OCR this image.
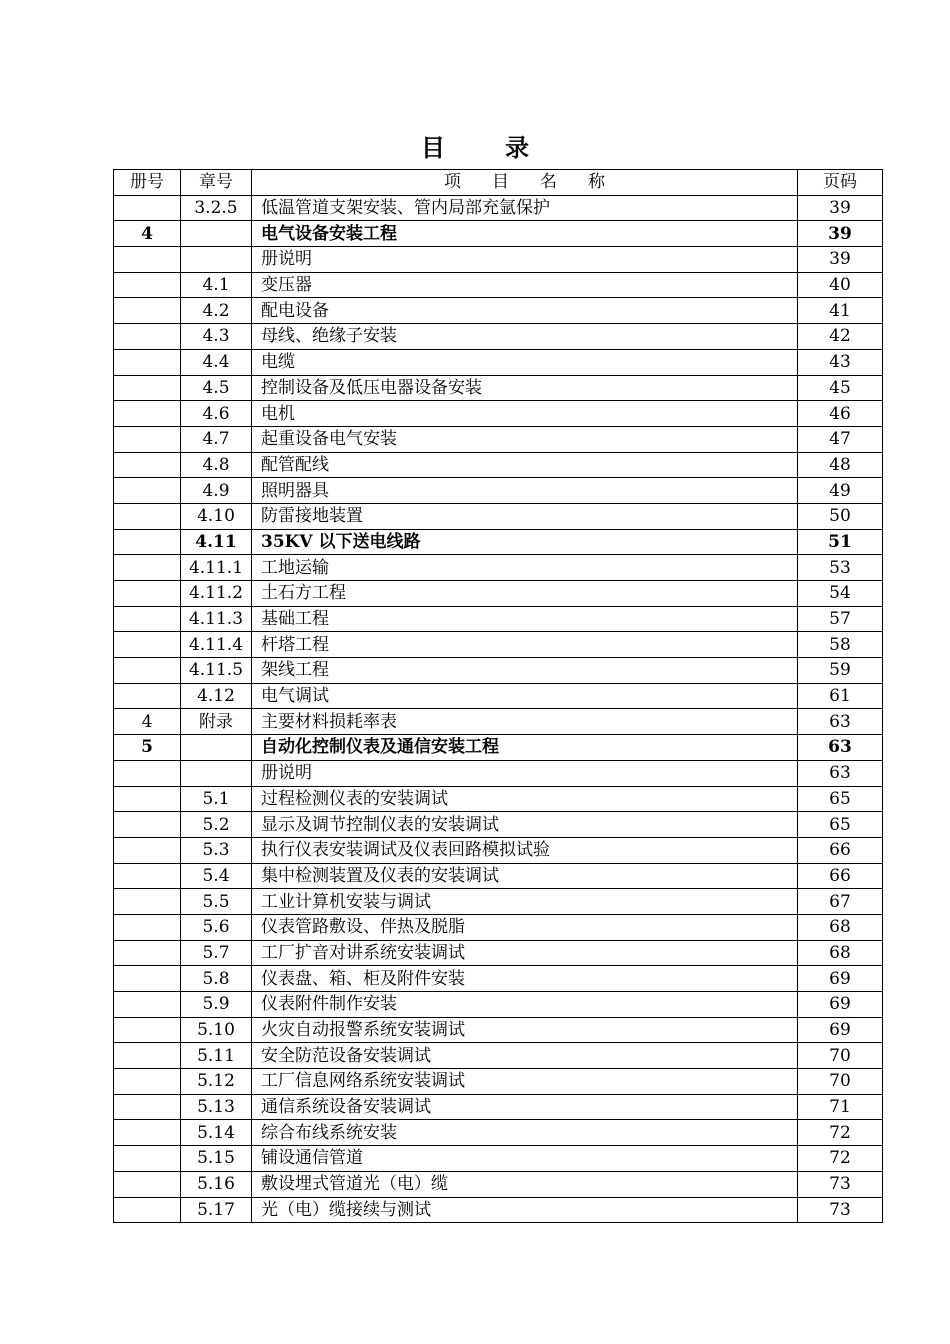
目	录
册号	章号	项 目 名 称	页码
	3.2.5	低温管道支架安装、管内局部充氩保护	39
4		电气设备安装工程	39
		册说明	39
	4.1	变压器	40
	4.2	配电设备	41
	4.3	母线、绝缘子安装	42
	4.4	电缆	43
	4.5	控制设备及低压电器设备安装	45
	4.6	电机	46
	4.7	起重设备电气安装	47
	4.8	配管配线	48
	4.9	照明器具	49
	4.10	防雷接地装置	50
	4.11	35KV 以下送电线路	51
	4.11.1	工地运输	53
	4.11.2	土石方工程	54
	4.11.3	基础工程	57
	4.11.4	杆塔工程	58
	4.11.5	架线工程	59
	4.12	电气调试	61
4	附录	主要材料损耗率表	63
5		自动化控制仪表及通信安装工程	63
		册说明	63
	5.1	过程检测仪表的安装调试	65
	5.2	显示及调节控制仪表的安装调试	65
	5.3	执行仪表安装调试及仪表回路模拟试验	66
	5.4	集中检测装置及仪表的安装调试	66
	5.5	工业计算机安装与调试	67
	5.6	仪表管路敷设、伴热及脱脂	68
	5.7	工厂扩音对讲系统安装调试	68
	5.8	仪表盘、箱、柜及附件安装	69
	5.9	仪表附件制作安装	69
	5.10	火灾自动报警系统安装调试	69
	5.11	安全防范设备安装调试	70
	5.12	工厂信息网络系统安装调试	70
	5.13	通信系统设备安装调试	71
	5.14	综合布线系统安装	72
	5.15	铺设通信管道	72
	5.16	敷设埋式管道光（电）缆	73
	5.17	光（电）缆接续与测试	73
